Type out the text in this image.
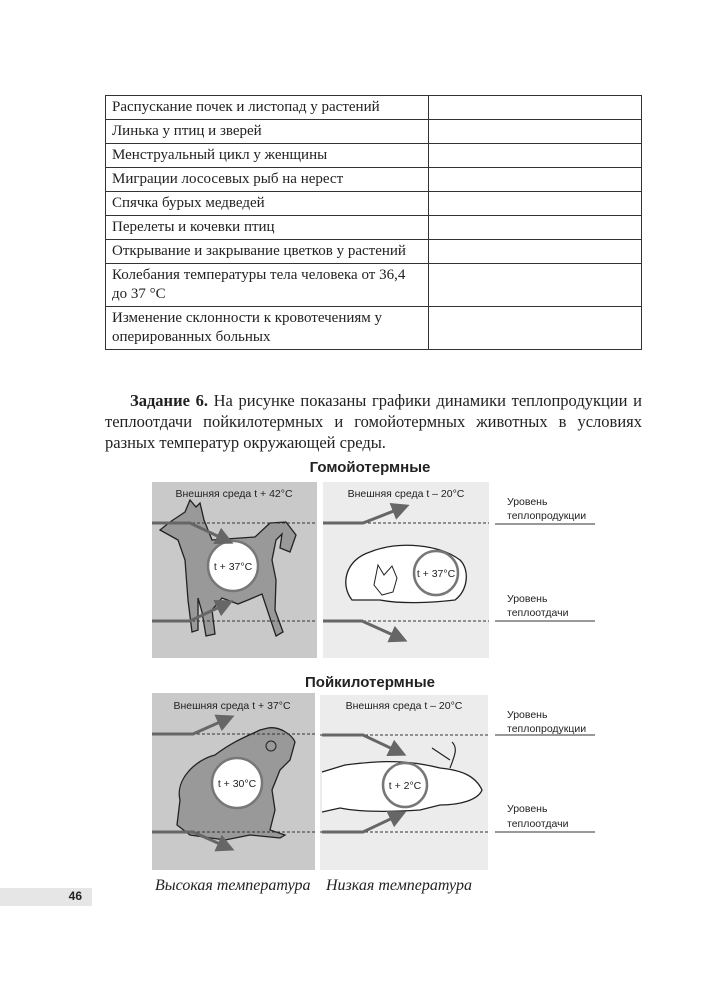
Распускание почек и листопад у растений	
Линька у птиц и зверей	
Менструальный цикл у женщины	
Миграции лососевых рыб на нерест	
Спячка бурых медведей	
Перелеты и кочевки птиц	
Открывание и закрывание цветков у растений	
Колебания температуры тела человека от 36,4 до 37 °С	
Изменение склонности к кровотечениям у оперированных больных	

Задание 6. На рисунке показаны графики динамики теплопродукции и теплоотдачи пойкилотермных и гомойотермных животных в условиях разных температур окружающей среды.

Гомойотермные
Внешняя среда t + 42°C	Внешняя среда t – 20°C
t + 37°C
t + 37°C
Уровень
теплопродукции
Уровень
теплоотдачи
Пойкилотермные
Внешняя среда t + 37°C	Внешняя среда t – 20°C
t + 30°C	t + 2°C
Уровень
теплопродукции
Уровень
теплоотдачи
Высокая температура Низкая температура
46
